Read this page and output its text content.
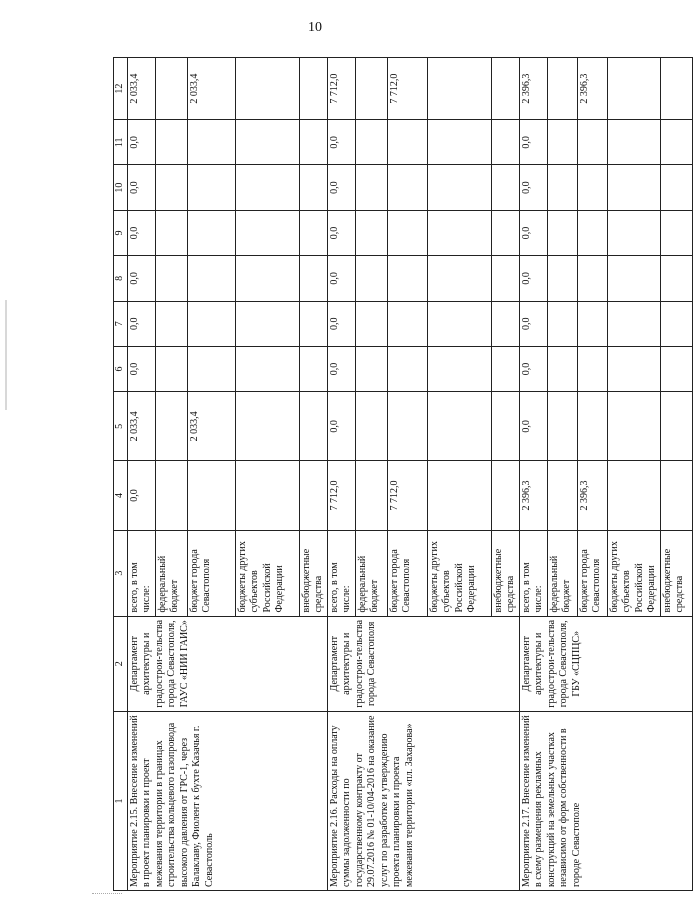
10
1	2	3	4	5	6	7	8	9	10	11	12
Мероприятие 2.15. Внесение изменений в проект планировки и проект межевания территории в границах строительства кольцевого газопровода высокого давления от ГРС-1, через Балаклаву, Фиолент к бухте Казачья г. Севастополь	Департамент архитектуры и градострои-тельства города Севастополя, ГАУС «НИИ ГАИС»	всего, в том числе:	0,0	2 033,4	0,0	0,0	0,0	0,0	0,0	0,0	2 033,4
		федеральный бюджет									
		бюджет города Севастополя		2 033,4							2 033,4
		бюджеты других субъектов Российской Федерации									
		внебюджетные средства									
Мероприятие 2.16. Расходы на оплату суммы задолженности по государственному контракту от 29.07.2016 № 01-10/04-2016 на оказание услуг по разработке и утверждению проекта планировки и проекта межевания территории «пл. Захарова»	Департамент архитектуры и градострои-тельства города Севастополя	всего, в том числе:	7 712,0	0,0	0,0	0,0	0,0	0,0	0,0	0,0	7 712,0
		федеральный бюджет									
		бюджет города Севастополя	7 712,0								7 712,0
		бюджеты других субъектов Российской Федерации									
		внебюджетные средства									
Мероприятие 2.17. Внесение изменений в схему размещения рекламных конструкций на земельных участках независимо от форм собственности в городе Севастополе	Департамент архитектуры и градострои-тельства города Севастополя, ГБУ «СЦПЦС»	всего, в том числе:	2 396,3	0,0	0,0	0,0	0,0	0,0	0,0	0,0	2 396,3
		федеральный бюджет									
		бюджет города Севастополя	2 396,3								2 396,3
		бюджеты других субъектов Российской Федерации									
		внебюджетные средства									
